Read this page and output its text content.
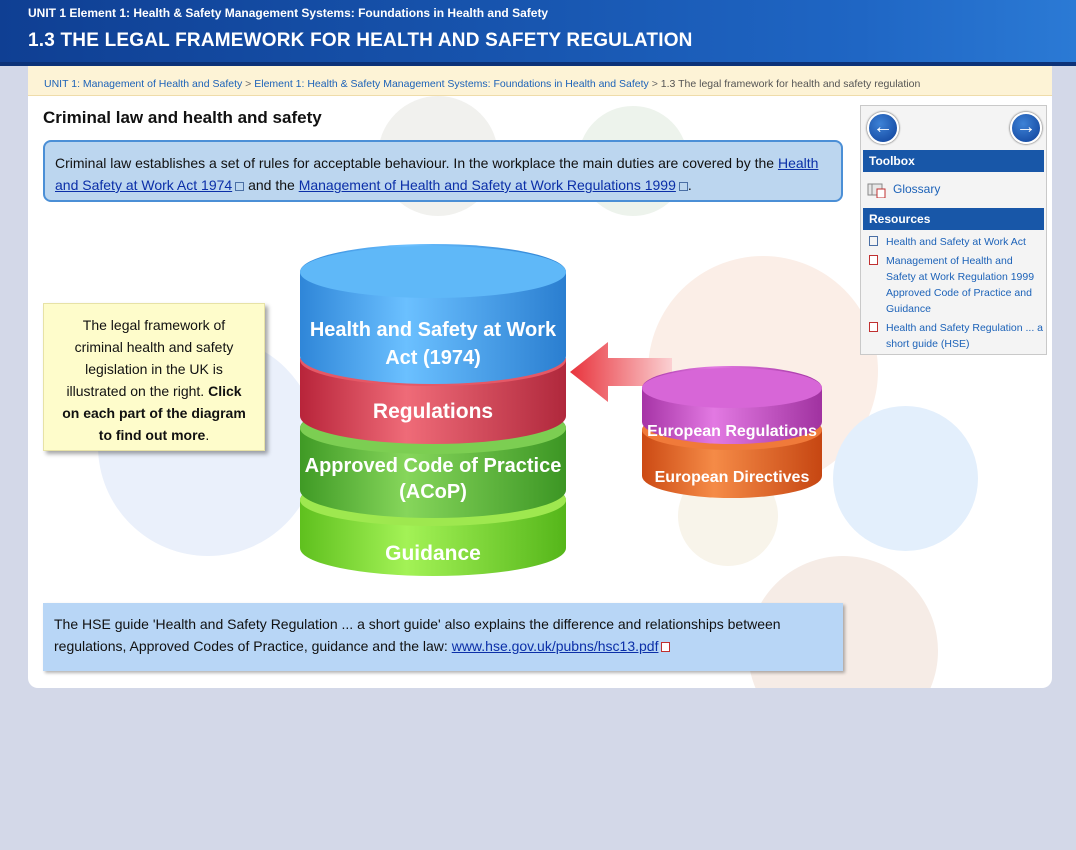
UNIT 1 Element 1: Health & Safety Management Systems: Foundations in Health and Safety
1.3 THE LEGAL FRAMEWORK FOR HEALTH AND SAFETY REGULATION
UNIT 1: Management of Health and Safety > Element 1: Health & Safety Management Systems: Foundations in Health and Safety > 1.3 The legal framework for health and safety regulation
Criminal law and health and safety
Criminal law establishes a set of rules for acceptable behaviour. In the workplace the main duties are covered by the Health and Safety at Work Act 1974 and the Management of Health and Safety at Work Regulations 1999 .
The legal framework of criminal health and safety legislation in the UK is illustrated on the right. Click on each part of the diagram to find out more.
Guidance
Approved Code of Practice
(ACoP)
Regulations
Health and Safety at Work
Act (1974)
European Directives
European Regulations
The HSE guide 'Health and Safety Regulation ... a short guide' also explains the difference and relationships between regulations, Approved Codes of Practice, guidance and the law: www.hse.gov.uk/pubns/hsc13.pdf
←	→
Toolbox
Glossary
Resources
Health and Safety at Work Act
Management of Health and Safety at Work Regulation 1999 Approved Code of Practice and Guidance
Health and Safety Regulation ... a short guide (HSE)
